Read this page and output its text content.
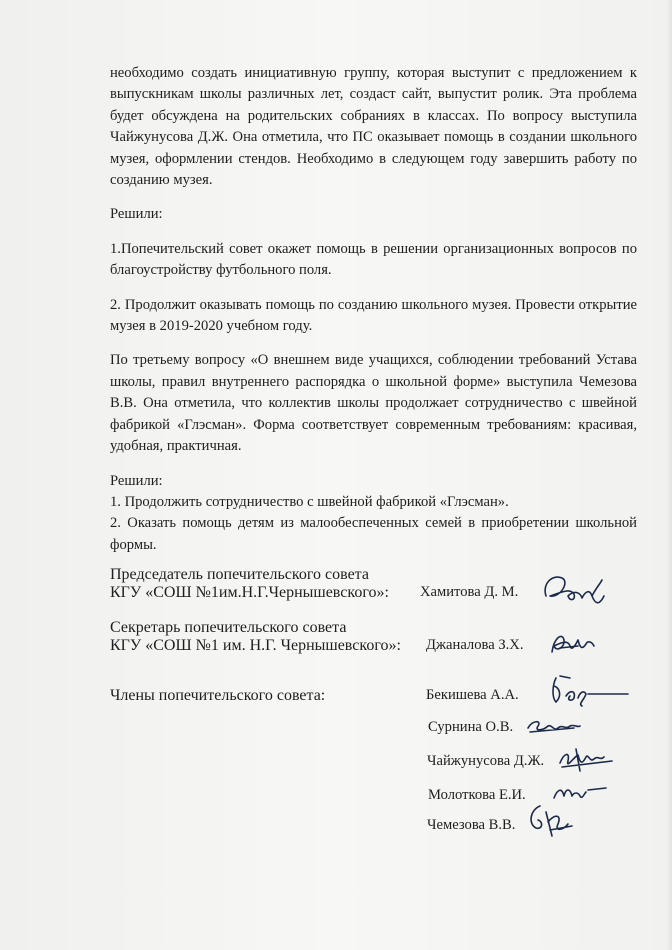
необходимо создать инициативную группу, которая выступит с предложением к выпускникам школы различных лет, создаст сайт, выпустит ролик. Эта проблема будет обсуждена на родительских собраниях в классах. По вопросу выступила Чайжунусова Д.Ж. Она отметила, что ПС оказывает помощь в создании школьного музея, оформлении стендов. Необходимо в следующем году завершить работу по созданию музея.

Решили:

1.Попечительский совет окажет помощь в решении организационных вопросов по благоустройству футбольного поля.

2. Продолжит оказывать помощь по созданию школьного музея. Провести открытие музея в 2019-2020 учебном году.

По третьему вопросу «О внешнем виде учащихся, соблюдении требований Устава школы, правил внутреннего распорядка о школьной форме» выступила Чемезова В.В. Она отметила, что коллектив школы продолжает сотрудничество с швейной фабрикой «Глэсман». Форма соответствует современным требованиям: красивая, удобная, практичная.

Решили:

1. Продолжить сотрудничество с швейной фабрикой «Глэсман».

2. Оказать помощь детям из малообеспеченных семей в приобретении школьной формы.

Председатель попечительского совета
КГУ «СОШ №1им.Н.Г.Чернышевского»: Хамитова Д. М.
Секретарь попечительского совета
КГУ «СОШ №1 им. Н.Г. Чернышевского»: Джаналова З.Х.
Члены попечительского совета:	Бекишева А.А.
Сурнина О.В.
Чайжунусова Д.Ж.
Молоткова Е.И.
Чемезова В.В.
